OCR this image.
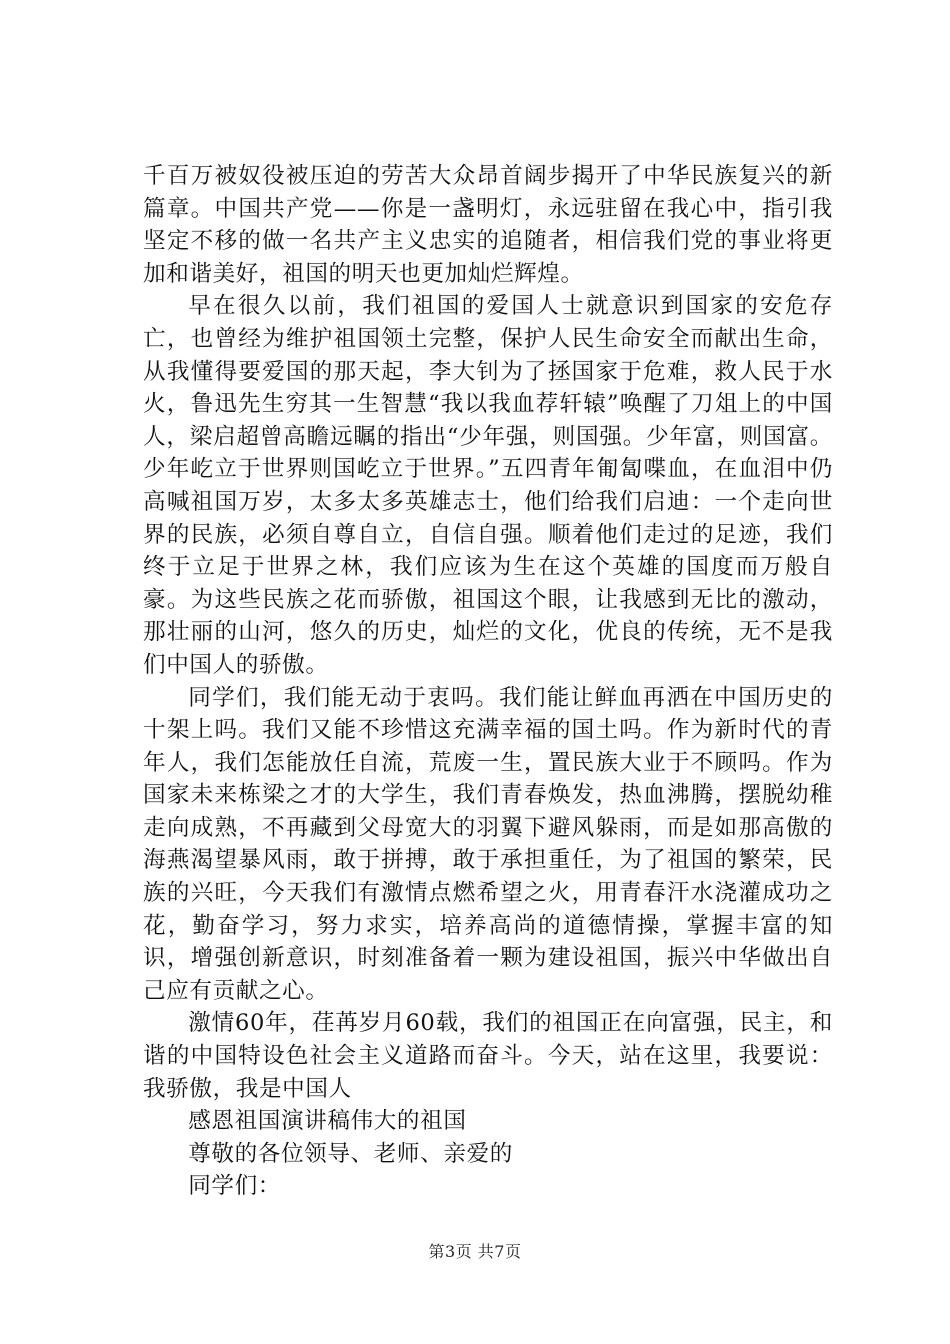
千百万被奴役被压迫的劳苦大众昂首阔步揭开了中华民族复兴的新篇章。中国共产党——你是一盏明灯，永远驻留在我心中，指引我坚定不移的做一名共产主义忠实的追随者，相信我们党的事业将更加和谐美好，祖国的明天也更加灿烂辉煌。

早在很久以前，我们祖国的爱国人士就意识到国家的安危存亡，也曾经为维护祖国领土完整，保护人民生命安全而献出生命，从我懂得要爱国的那天起，李大钊为了拯国家于危难，救人民于水火，鲁迅先生穷其一生智慧“我以我血荐轩辕”唤醒了刀俎上的中国人，梁启超曾高瞻远瞩的指出“少年强，则国强。少年富，则国富。少年屹立于世界则国屹立于世界。”五四青年匍匐喋血，在血泪中仍高喊祖国万岁，太多太多英雄志士，他们给我们启迪：一个走向世界的民族，必须自尊自立，自信自强。顺着他们走过的足迹，我们终于立足于世界之林，我们应该为生在这个英雄的国度而万般自豪。为这些民族之花而骄傲，祖国这个眼，让我感到无比的激动，那壮丽的山河，悠久的历史，灿烂的文化，优良的传统，无不是我们中国人的骄傲。

同学们，我们能无动于衷吗。我们能让鲜血再洒在中国历史的十架上吗。我们又能不珍惜这充满幸福的国土吗。作为新时代的青年人，我们怎能放任自流，荒废一生，置民族大业于不顾吗。作为国家未来栋梁之才的大学生，我们青春焕发，热血沸腾，摆脱幼稚走向成熟，不再藏到父母宽大的羽翼下避风躲雨，而是如那高傲的海燕渴望暴风雨，敢于拼搏，敢于承担重任，为了祖国的繁荣，民族的兴旺，今天我们有激情点燃希望之火，用青春汗水浇灌成功之花，勤奋学习，努力求实，培养高尚的道德情操，掌握丰富的知识，增强创新意识，时刻准备着一颗为建设祖国，振兴中华做出自己应有贡献之心。

激情60年，荏苒岁月60载，我们的祖国正在向富强，民主，和谐的中国特设色社会主义道路而奋斗。今天，站在这里，我要说：我骄傲，我是中国人

感恩祖国演讲稿伟大的祖国

尊敬的各位领导、老师、亲爱的

同学们：

第3页 共7页
